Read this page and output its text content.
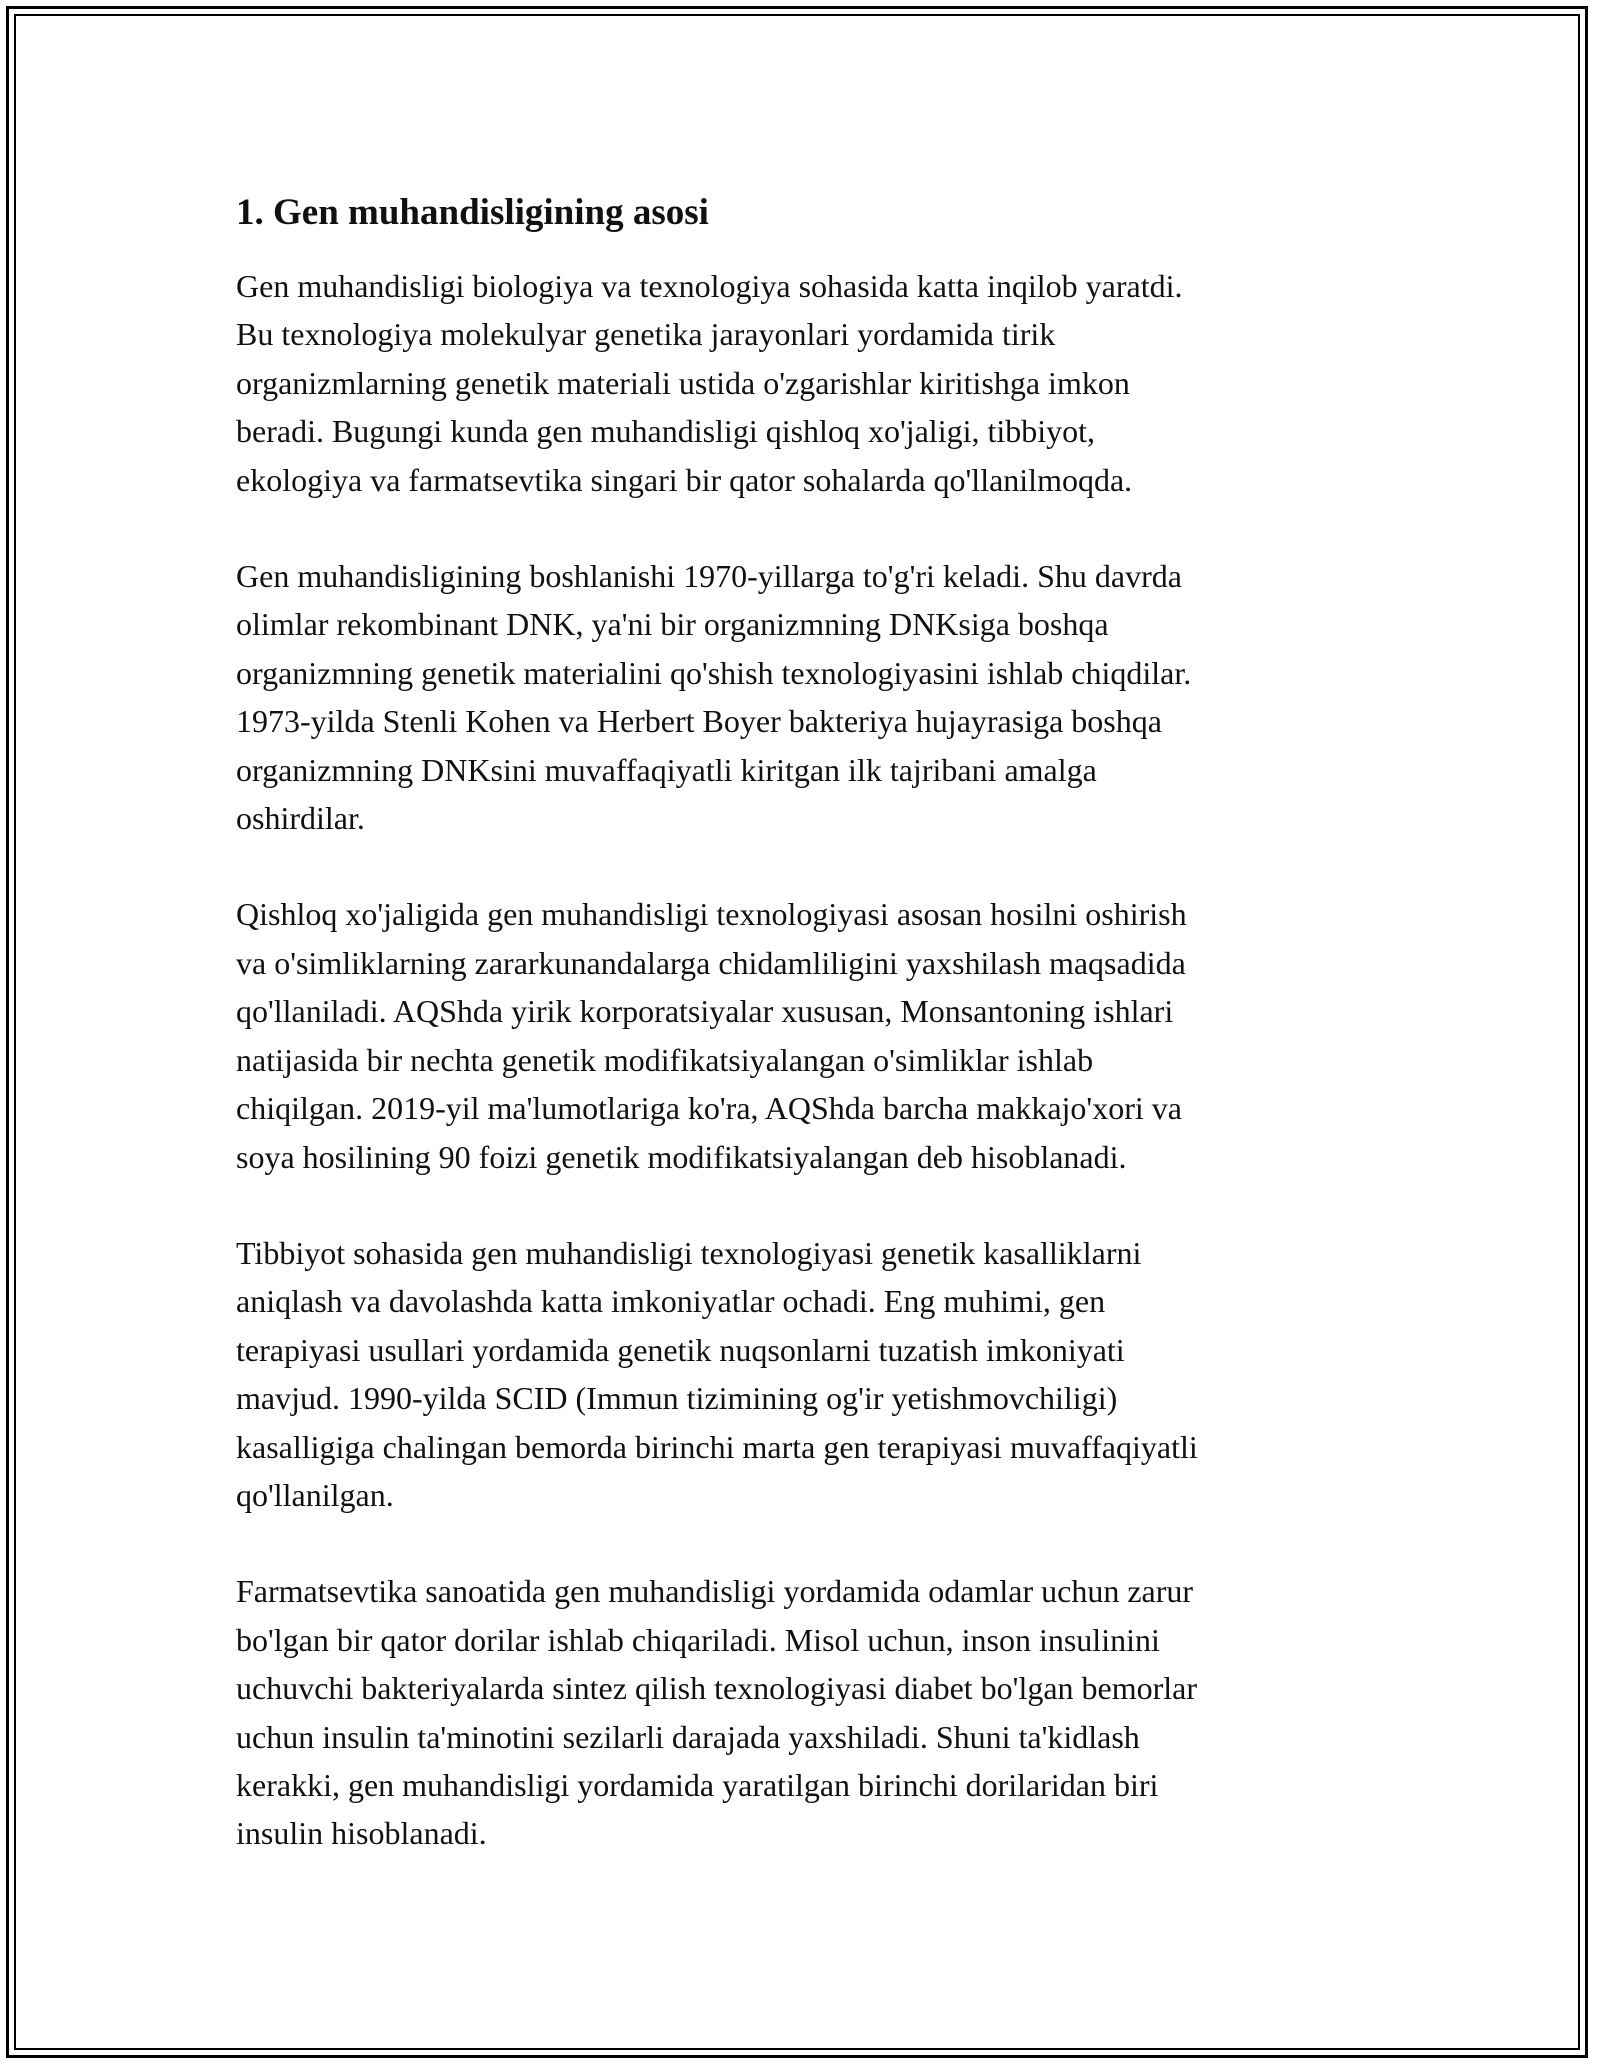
1. Gen muhandisligining asosi

Gen muhandisligi biologiya va texnologiya sohasida katta inqilob yaratdi.
Bu texnologiya molekulyar genetika jarayonlari yordamida tirik
organizmlarning genetik materiali ustida o'zgarishlar kiritishga imkon
beradi. Bugungi kunda gen muhandisligi qishloq xo'jaligi, tibbiyot,
ekologiya va farmatsevtika singari bir qator sohalarda qo'llanilmoqda.

Gen muhandisligining boshlanishi 1970-yillarga to'g'ri keladi. Shu davrda
olimlar rekombinant DNK, ya'ni bir organizmning DNKsiga boshqa
organizmning genetik materialini qo'shish texnologiyasini ishlab chiqdilar.
1973-yilda Stenli Kohen va Herbert Boyer bakteriya hujayrasiga boshqa
organizmning DNKsini muvaffaqiyatli kiritgan ilk tajribani amalga
oshirdilar.

Qishloq xo'jaligida gen muhandisligi texnologiyasi asosan hosilni oshirish
va o'simliklarning zararkunandalarga chidamliligini yaxshilash maqsadida
qo'llaniladi. AQShda yirik korporatsiyalar xususan, Monsantoning ishlari
natijasida bir nechta genetik modifikatsiyalangan o'simliklar ishlab
chiqilgan. 2019-yil ma'lumotlariga ko'ra, AQShda barcha makkajo'xori va
soya hosilining 90 foizi genetik modifikatsiyalangan deb hisoblanadi.

Tibbiyot sohasida gen muhandisligi texnologiyasi genetik kasalliklarni
aniqlash va davolashda katta imkoniyatlar ochadi. Eng muhimi, gen
terapiyasi usullari yordamida genetik nuqsonlarni tuzatish imkoniyati
mavjud. 1990-yilda SCID (Immun tizimining og'ir yetishmovchiligi)
kasalligiga chalingan bemorda birinchi marta gen terapiyasi muvaffaqiyatli
qo'llanilgan.

Farmatsevtika sanoatida gen muhandisligi yordamida odamlar uchun zarur
bo'lgan bir qator dorilar ishlab chiqariladi. Misol uchun, inson insulinini
uchuvchi bakteriyalarda sintez qilish texnologiyasi diabet bo'lgan bemorlar
uchun insulin ta'minotini sezilarli darajada yaxshiladi. Shuni ta'kidlash
kerakki, gen muhandisligi yordamida yaratilgan birinchi dorilaridan biri
insulin hisoblanadi.
